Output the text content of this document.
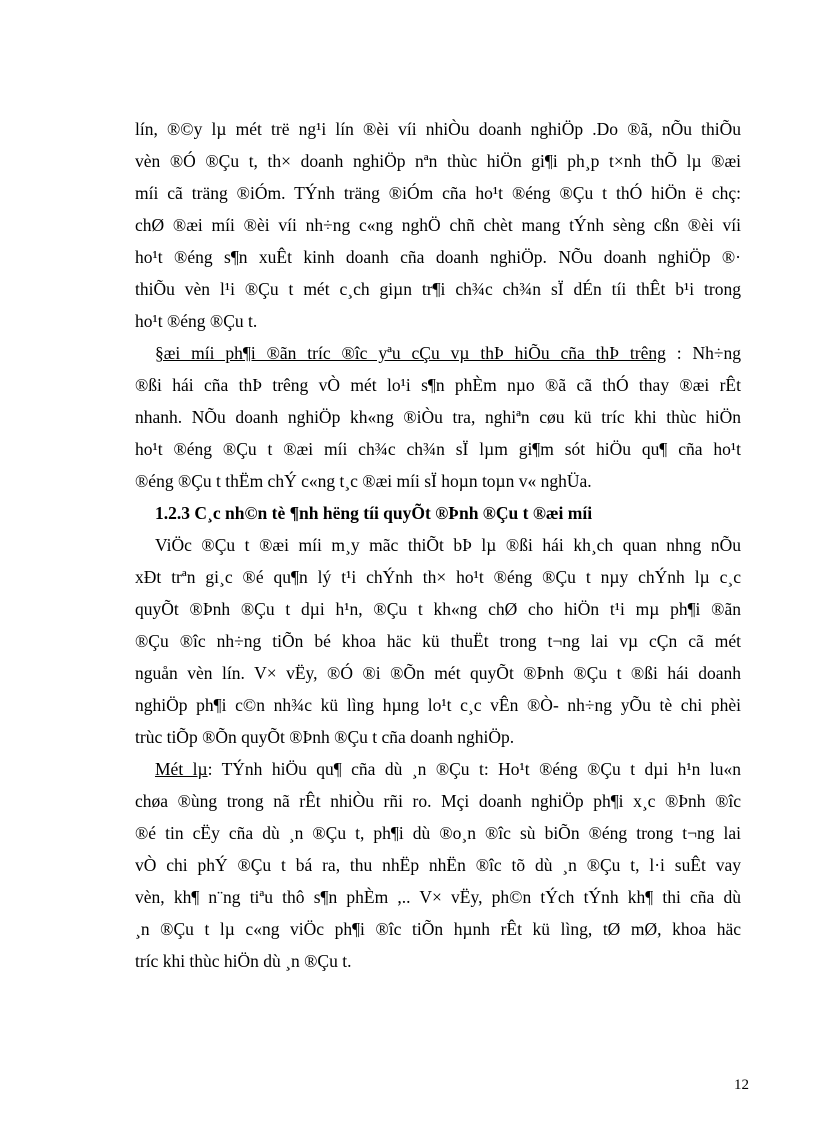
lín, ®©y lµ mét trë ng¹i lín ®èi víi nhiÒu doanh nghiÖp .Do ®ã, nÕu thiÕu
vèn ®Ó ®Çu t, th× doanh nghiÖp nªn thùc hiÖn gi¶i ph¸p t×nh thÕ lµ ®æi
míi cã träng ®iÓm. TÝnh träng ®iÓm cña ho¹t ®éng ®Çu t thÓ hiÖn ë chç:
chØ ®æi míi ®èi víi nh÷ng c«ng nghÖ chñ chèt mang tÝnh sèng cßn ®èi víi
ho¹t ®éng s¶n xuÊt kinh doanh cña doanh nghiÖp. NÕu doanh nghiÖp ®·
thiÕu vèn l¹i ®Çu t mét c¸ch giµn tr¶i ch¾c ch¾n sÏ dÉn tíi thÊt b¹i trong
ho¹t ®éng ®Çu t.
§æi míi ph¶i ®ãn tríc ®îc yªu cÇu vµ thÞ hiÕu cña thÞ trêng : Nh÷ng
®ßi hái cña thÞ trêng vÒ mét lo¹i s¶n phÈm nµo ®ã cã thÓ thay ®æi rÊt
nhanh. NÕu doanh nghiÖp kh«ng ®iÒu tra, nghiªn cøu kü tríc khi thùc hiÖn
ho¹t ®éng ®Çu t ®æi míi ch¾c ch¾n sÏ lµm gi¶m sót hiÖu qu¶ cña ho¹t
®éng ®Çu t thËm chÝ c«ng t¸c ®æi míi sÏ hoµn toµn v« nghÜa.
1.2.3 C¸c nh©n tè ¶nh hëng tíi quyÕt ®Þnh ®Çu t ®æi míi
ViÖc ®Çu t ®æi míi m¸y mãc thiÕt bÞ lµ ®ßi hái kh¸ch quan nhng nÕu
xÐt trªn gi¸c ®é qu¶n lý t¹i chÝnh th× ho¹t ®éng ®Çu t nµy chÝnh lµ c¸c
quyÕt ®Þnh ®Çu t dµi h¹n, ®Çu t kh«ng chØ cho hiÖn t¹i mµ ph¶i ®ãn
®Çu ®îc nh÷ng tiÕn bé khoa häc kü thuËt trong t¬ng lai vµ cÇn cã mét
nguån vèn lín. V× vËy, ®Ó ®i ®Õn mét quyÕt ®Þnh ®Çu t ®ßi hái doanh
nghiÖp ph¶i c©n nh¾c kü lìng hµng lo¹t c¸c vÊn ®Ò- nh÷ng yÕu tè chi phèi
trùc tiÕp ®Õn quyÕt ®Þnh ®Çu t cña doanh nghiÖp.
Mét lµ: TÝnh hiÖu qu¶ cña dù ¸n ®Çu t: Ho¹t ®éng ®Çu t dµi h¹n lu«n
chøa ®ùng trong nã rÊt nhiÒu rñi ro. Mçi doanh nghiÖp ph¶i x¸c ®Þnh ®îc
®é tin cËy cña dù ¸n ®Çu t, ph¶i dù ®o¸n ®îc sù biÕn ®éng trong t¬ng lai
vÒ chi phÝ ®Çu t bá ra, thu nhËp nhËn ®îc tõ dù ¸n ®Çu t, l·i suÊt vay
vèn, kh¶ n¨ng tiªu thô s¶n phÈm ,.. V× vËy, ph©n tÝch tÝnh kh¶ thi cña dù
¸n ®Çu t lµ c«ng viÖc ph¶i ®îc tiÕn hµnh rÊt kü lìng, tØ mØ, khoa häc
tríc khi thùc hiÖn dù ¸n ®Çu t.
12
